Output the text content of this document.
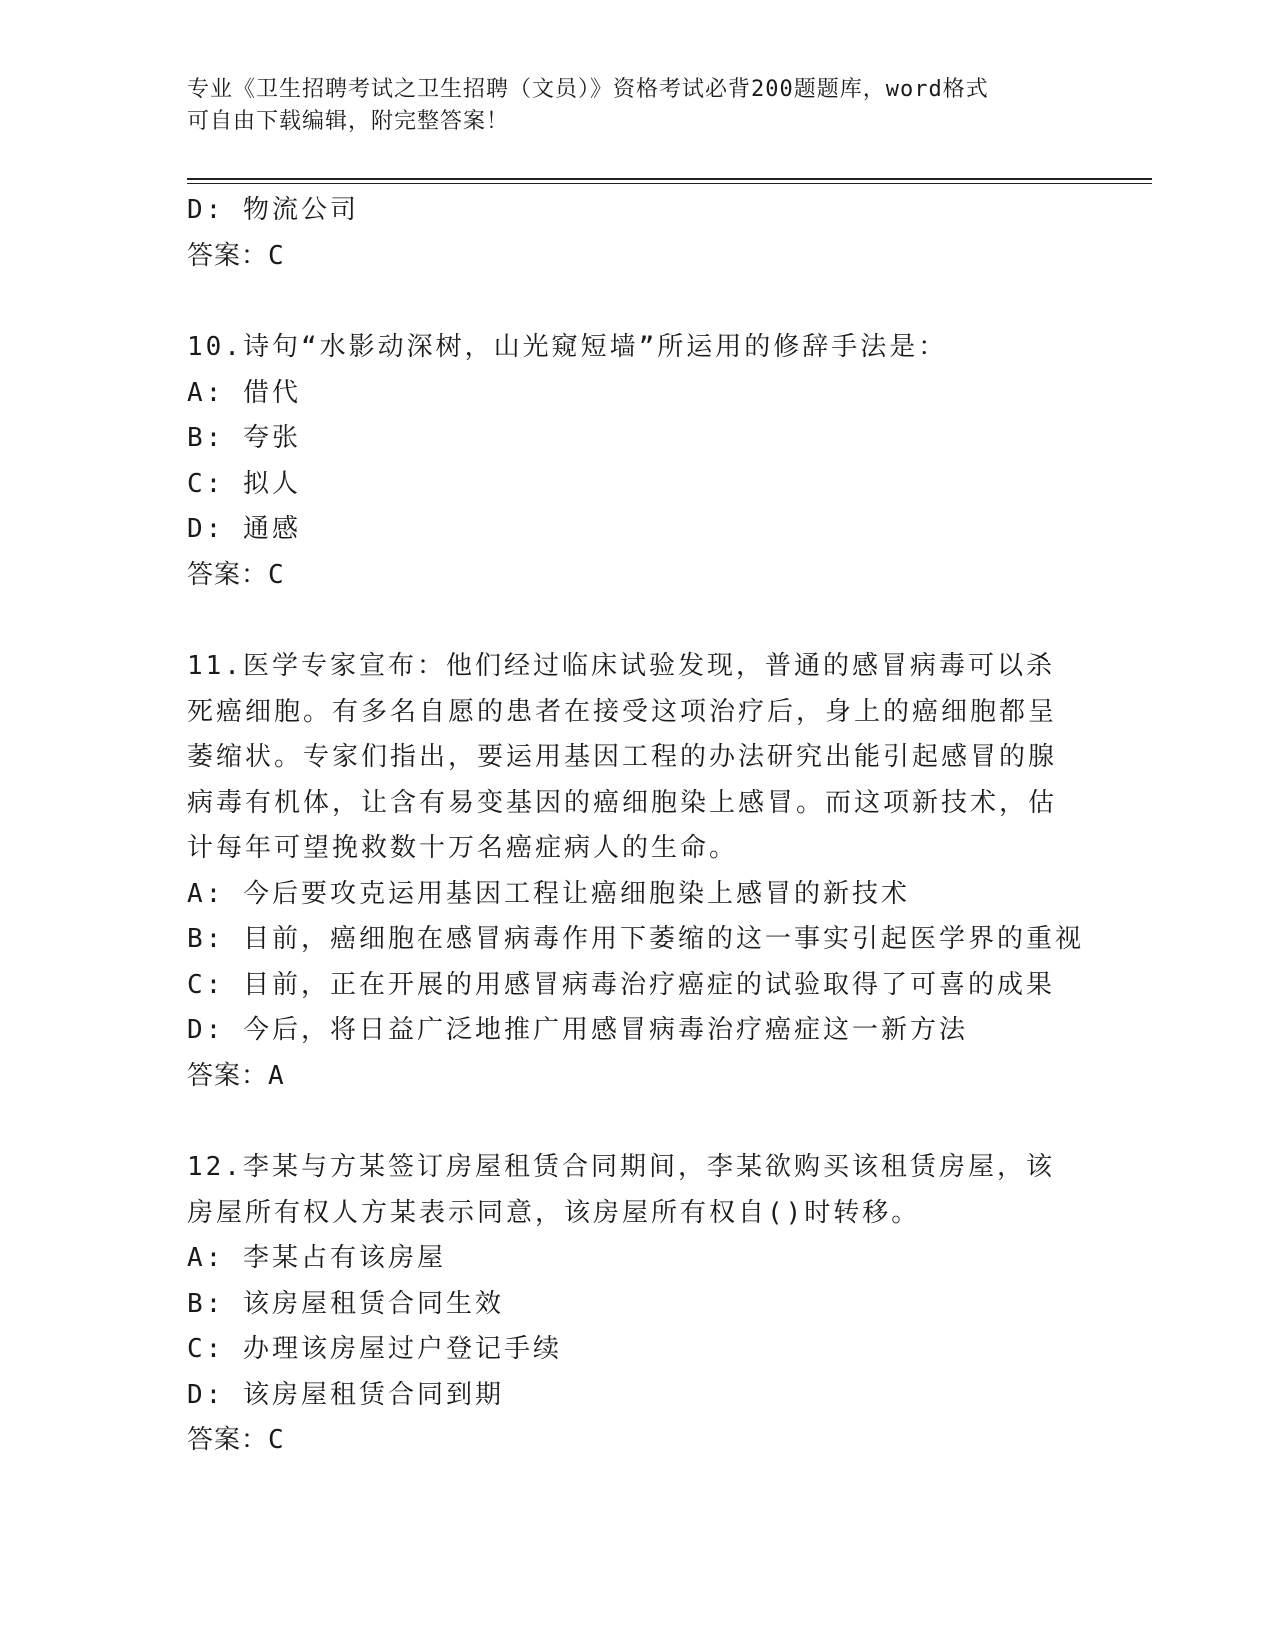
专业《卫生招聘考试之卫生招聘（文员）》资格考试必背200题题库，word格式
可自由下载编辑，附完整答案！
D: 物流公司
答案：C
10.诗句“水影动深树，山光窥短墙”所运用的修辞手法是：
A: 借代
B: 夸张
C: 拟人
D: 通感
答案：C
11.医学专家宣布：他们经过临床试验发现，普通的感冒病毒可以杀死癌细胞。有多名自愿的患者在接受这项治疗后，身上的癌细胞都呈萎缩状。专家们指出，要运用基因工程的办法研究出能引起感冒的腺病毒有机体，让含有易变基因的癌细胞染上感冒。而这项新技术，估计每年可望挽救数十万名癌症病人的生命。
A: 今后要攻克运用基因工程让癌细胞染上感冒的新技术
B: 目前，癌细胞在感冒病毒作用下萎缩的这一事实引起医学界的重视
C: 目前，正在开展的用感冒病毒治疗癌症的试验取得了可喜的成果
D: 今后，将日益广泛地推广用感冒病毒治疗癌症这一新方法
答案：A
12.李某与方某签订房屋租赁合同期间，李某欲购买该租赁房屋，该房屋所有权人方某表示同意，该房屋所有权自()时转移。
A: 李某占有该房屋
B: 该房屋租赁合同生效
C: 办理该房屋过户登记手续
D: 该房屋租赁合同到期
答案：C
